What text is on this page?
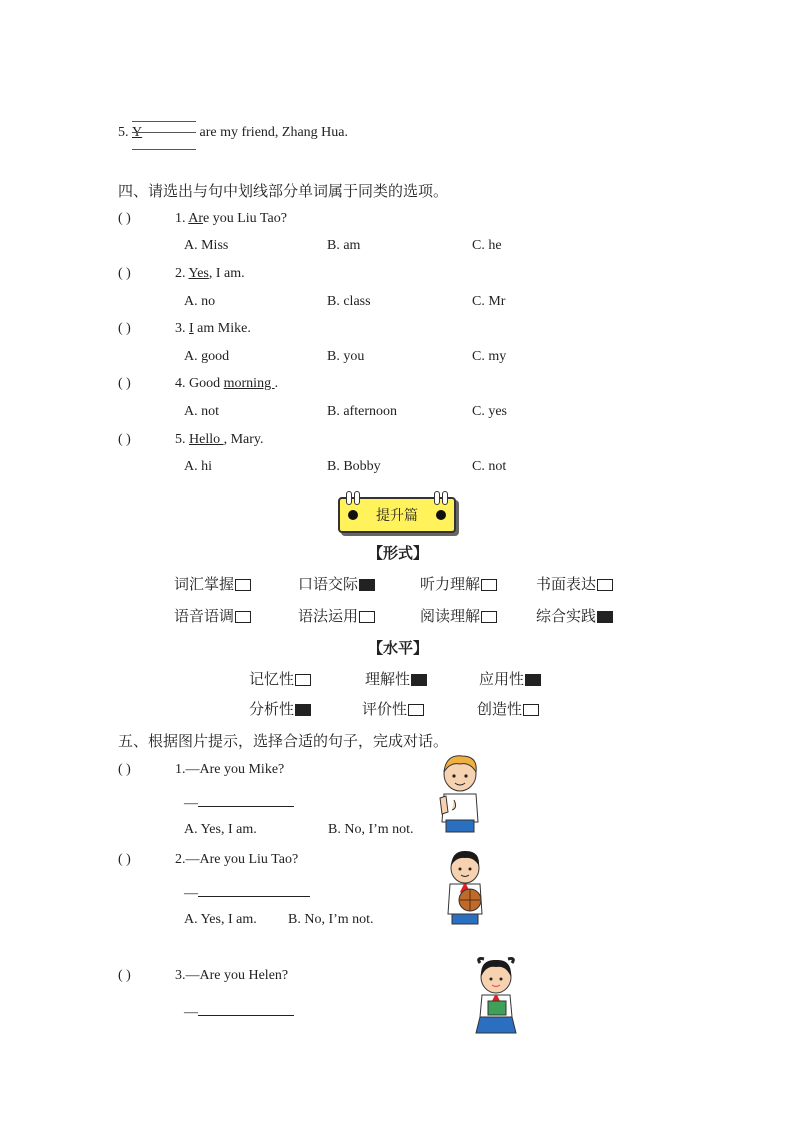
5. Y	are my friend, Zhang Hua.
四、请选出与句中划线部分单词属于同类的选项。
( )	1. Are you Liu Tao?
A. Miss	B. am	C. he
( )	2. Yes, I am.
A. no	B. class	C. Mr
( )	3. I am Mike.
A. good	B. you	C. my
( )	4. Good morning .
A. not	B. afternoon	C. yes
( )	5. Hello , Mary.
A. hi	B. Bobby	C. not
提升篇
【形式】
词汇掌握	口语交际	听力理解	书面表达
语音语调	语法运用	阅读理解	综合实践
【水平】
记忆性	理解性	应用性
分析性	评价性	创造性
五、根据图片提示，选择合适的句子，完成对话。
( )	1.—Are you Mike?
—
A. Yes, I am.	B. No, I’m not.
( )	2.—Are you Liu Tao?
—
A. Yes, I am. B. No, I’m not.
( )	3.—Are you Helen?
—
